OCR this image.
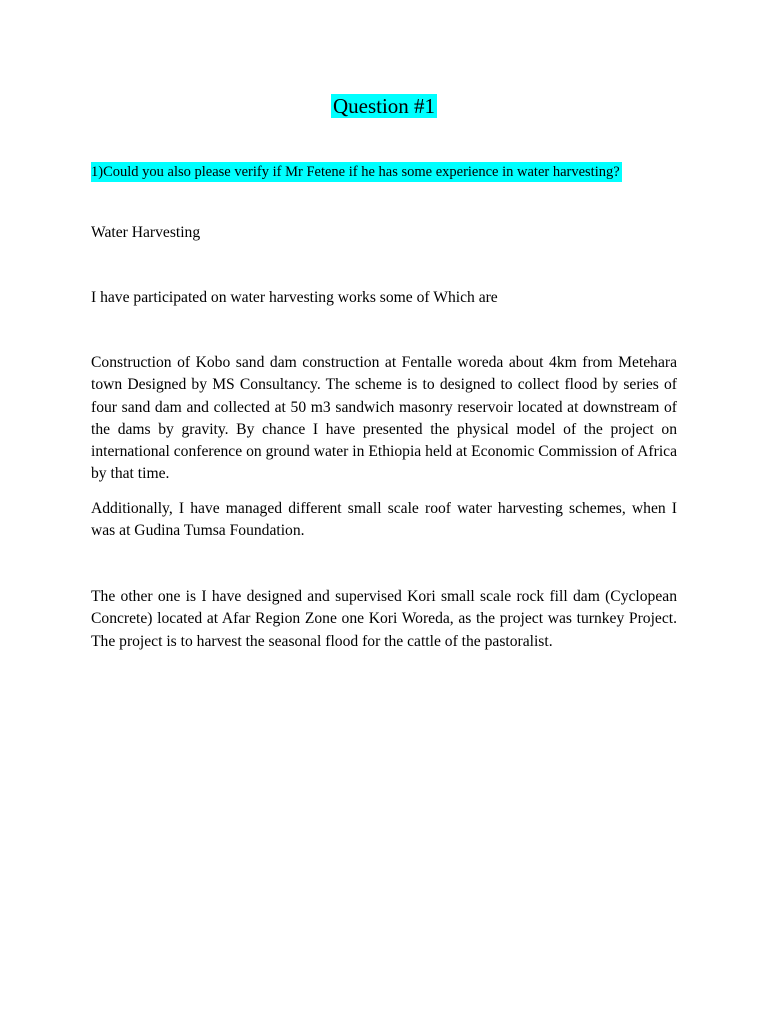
Question #1
1)Could you also please verify if Mr Fetene if he has some experience in water harvesting?

Water Harvesting

I have participated on water harvesting works some of Which are

Construction of Kobo sand dam construction at Fentalle woreda about 4km from Metehara town Designed by MS Consultancy. The scheme is to designed to collect flood by series of four sand dam and collected at 50 m3 sandwich masonry reservoir located at downstream of the dams by gravity. By chance I have presented the physical model of the project on international conference on ground water in Ethiopia held at Economic Commission of Africa by that time.

Additionally, I have managed different small scale roof water harvesting schemes, when I was at Gudina Tumsa Foundation.

The other one is I have designed and supervised Kori small scale rock fill dam (Cyclopean Concrete) located at Afar Region Zone one Kori Woreda, as the project was turnkey Project. The project is to harvest the seasonal flood for the cattle of the pastoralist.
